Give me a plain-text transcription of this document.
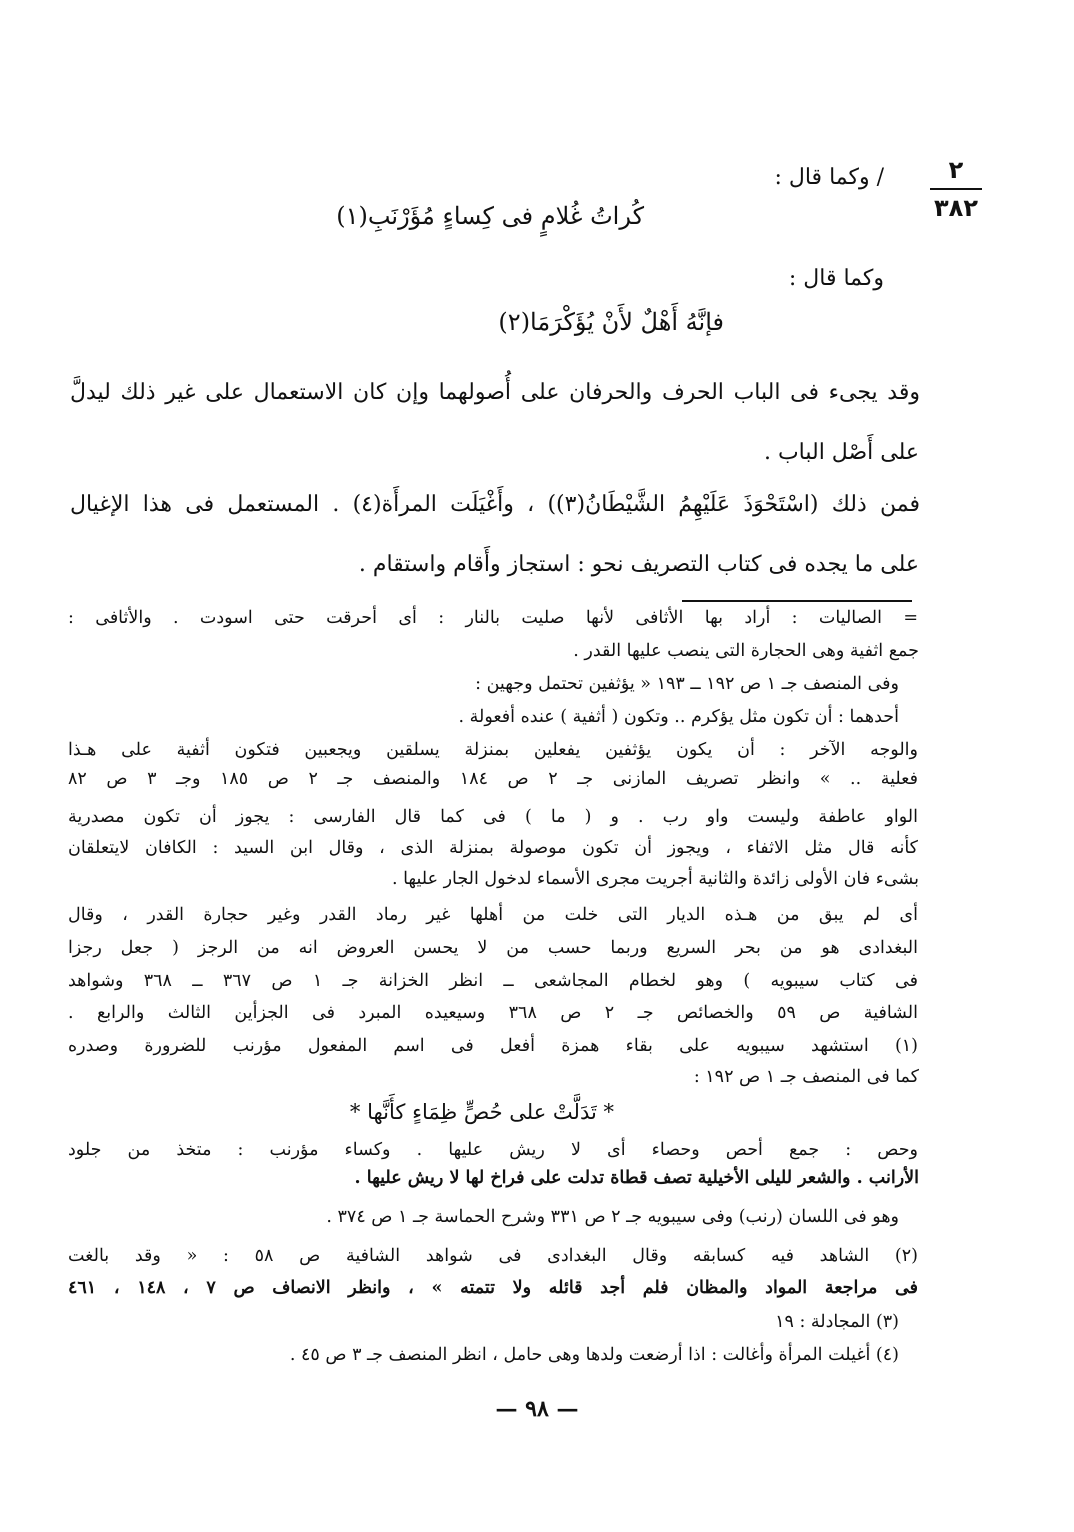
٢
٣٨٢
/ وكما قال :
كُراتُ غُلامٍ فى كِساءٍ مُؤَرْنَبِ(١)
وكما قال :
فإنَّهُ أَهْلٌ لأَنْ يُؤَكْرَمَا(٢)
وقد يجىء فى الباب الحرف والحرفان على أُصولهما وإن كان الاستعمال على غير ذلك ليدلَّ
على أَصْل الباب .
فمن ذلك (اسْتَحْوَذَ عَلَيْهِمُ الشَّيْطَانُ(٣)) ، وأَغْيَلَت المرأَة(٤) . المستعمل فى هذا الإغيال
على ما يجده فى كتاب التصريف نحو : استجاز وأَقام واستقام .
= الصاليات : أراد بها الأثافى لأنها صليت بالنار : أى أحرقت حتى اسودت . والأثافى :
جمع اثفية وهى الحجارة التى ينصب عليها القدر .
وفى المنصف جـ ١ ص ١٩٢ ــ ١٩٣ « يؤثفين تحتمل وجهين :
أحدهما : أن تكون مثل يؤكرم .. وتكون ( أثفية ) عنده أفعولة .
والوجه الآخر : أن يكون يؤثفين يفعلين بمنزلة يسلقين ويجعبين فتكون أثفية على هـذا
فعلية .. » وانظر تصريف المازنى جـ ٢ ص ١٨٤ والمنصف جـ ٢ ص ١٨٥ وجـ ٣ ص ٨٢
الواو عاطفة وليست واو رب . و ( ما ) فى كما قال الفارسى : يجوز أن تكون مصدرية
كأنه قال مثل الاثفاء ، ويجوز أن تكون موصولة بمنزلة الذى ، وقال ابن السيد : الكافان لايتعلقان
بشىء فان الأولى زائدة والثانية أجريت مجرى الأسماء لدخول الجار عليها .
أى لم يبق من هـذه الديار التى خلت من أهلها غير رماد القدر وغير حجارة القدر ، وقال
البغدادى هو من بحر السريع وربما حسب من لا يحسن العروض انه من الرجز ( جعل رجزا
فى كتاب سيبويه ) وهو لخطام المجاشعى ــ انظر الخزانة جـ ١ ص ٣٦٧ ــ ٣٦٨ وشواهد
الشافية ص ٥٩ والخصائص جـ ٢ ص ٣٦٨ وسيعيده المبرد فى الجزأين الثالث والرابع .
(١) استشهد سيبويه على بقاء همزة أفعل فى اسم المفعول مؤرنب للضرورة وصدره
كما فى المنصف جـ ١ ص ١٩٢ :
* تَدَلَّتْ على حُصٍّ ظِمَاءٍ كأَنَّها *
وحص : جمع أحص وحصاء أى لا ريش عليها . وكساء مؤرنب : متخذ من جلود
الأرانب . والشعر لليلى الأخيلية تصف قطاة تدلت على فراخ لها لا ريش عليها .
وهو فى اللسان (رنب) وفى سيبويه جـ ٢ ص ٣٣١ وشرح الحماسة جـ ١ ص ٣٧٤ .
(٢) الشاهد فيه كسابقه وقال البغدادى فى شواهد الشافية ص ٥٨ : « وقد بالغت
فى مراجعة المواد والمظان فلم أجد قائله ولا تتمته » ، وانظر الانصاف ص ٧ ، ١٤٨ ، ٤٦١
(٣) المجادلة : ١٩
(٤) أغيلت المرأة وأغالت : اذا أرضعت ولدها وهى حامل ، انظر المنصف جـ ٣ ص ٤٥ .
— ٩٨ —
